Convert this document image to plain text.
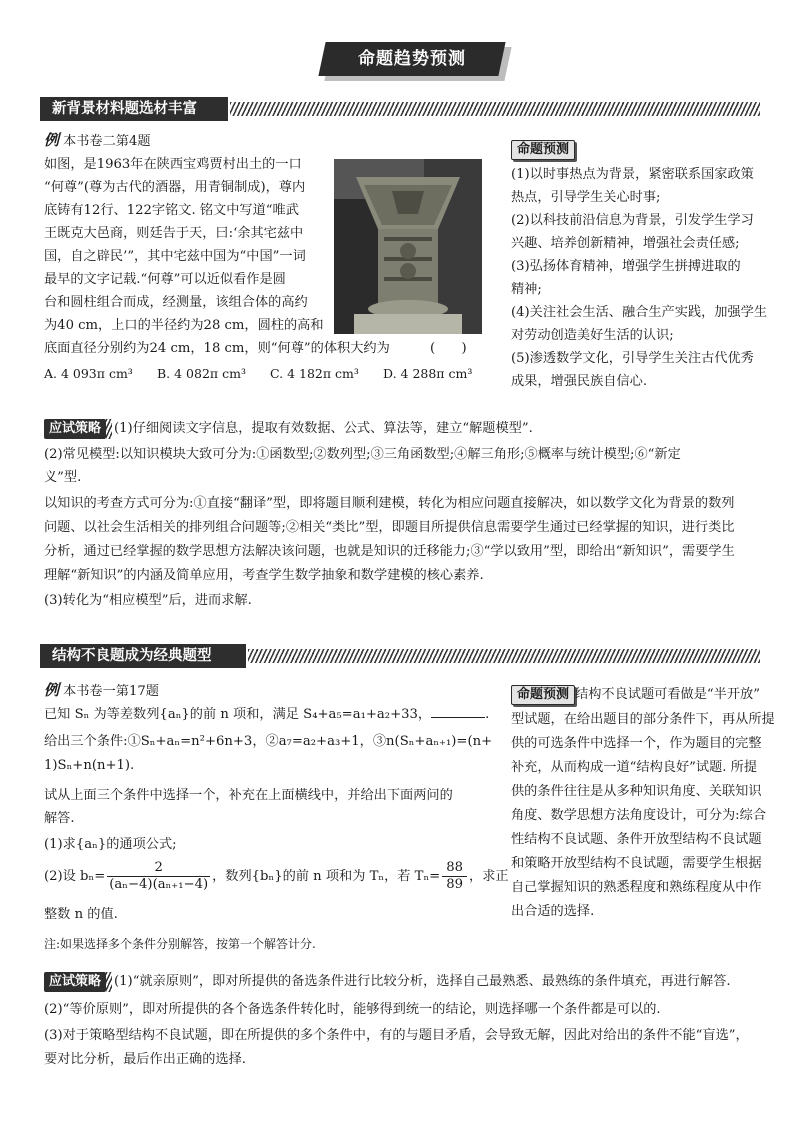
命题趋势预测
新背景材料题选材丰富
例 本书卷二第4题
如图，是1963年在陕西宝鸡贾村出土的一口
“何尊”(尊为古代的酒器，用青铜制成)，尊内
底铸有12行、122字铭文. 铭文中写道“唯武
王既克大邑商，则廷告于天，曰:‘余其宅兹中
国，自之辟民’”，其中宅兹中国为“中国”一词
最早的文字记载.“何尊”可以近似看作是圆
台和圆柱组合而成，经测量，该组合体的高约
为40 cm，上口的半径约为28 cm，圆柱的高和
底面直径分别约为24 cm，18 cm，则“何尊”的体积大约为	(　　)
A. 4 093π cm³ B. 4 082π cm³ C. 4 182π cm³ D. 4 288π cm³
命题预测
(1)以时事热点为背景，紧密联系国家政策
热点，引导学生关心时事;
(2)以科技前沿信息为背景，引发学生学习
兴趣、培养创新精神，增强社会责任感;
(3)弘扬体育精神，增强学生拼搏进取的
精神;
(4)关注社会生活、融合生产实践，加强学生
对劳动创造美好生活的认识;
(5)渗透数学文化，引导学生关注古代优秀
成果，增强民族自信心.
应试策略 (1)仔细阅读文字信息，提取有效数据、公式、算法等，建立“解题模型”.
(2)常见模型:以知识模块大致可分为:①函数型;②数列型;③三角函数型;④解三角形;⑤概率与统计模型;⑥“新定
义”型.
以知识的考查方式可分为:①直接“翻译”型，即将题目顺利建模，转化为相应问题直接解决，如以数学文化为背景的数列
问题、以社会生活相关的排列组合问题等;②相关“类比”型，即题目所提供信息需要学生通过已经掌握的知识，进行类比
分析，通过已经掌握的数学思想方法解决该问题，也就是知识的迁移能力;③“学以致用”型，即给出“新知识”，需要学生
理解“新知识”的内涵及简单应用，考查学生数学抽象和数学建模的核心素养.
(3)转化为“相应模型”后，进而求解.
结构不良题成为经典题型
例 本书卷一第17题
已知 Sₙ 为等差数列{aₙ}的前 n 项和，满足 S₄+a₅=a₁+a₂+33，	.
给出三个条件:①Sₙ+aₙ=n²+6n+3，②a₇=a₂+a₃+1，③n(Sₙ+aₙ₊₁)=(n+
1)Sₙ+n(n+1).
试从上面三个条件中选择一个，补充在上面横线中，并给出下面两问的
解答.
(1)求{aₙ}的通项公式;
(2)设 $b_n= \frac{2}{\text{(aₙ−4)(aₙ₊₁−4)}}$ ，数列{bₙ}的前 n 项和为 Tₙ，若 $T_n= \frac{88}{89}$ ，求正
整数 n 的值.
注:如果选择多个条件分别解答，按第一个解答计分.
命题预测 结构不良试题可看做是“半开放”
型试题，在给出题目的部分条件下，再从所提
供的可选条件中选择一个，作为题目的完整
补充，从而构成一道“结构良好”试题. 所提
供的条件往往是从多种知识角度、关联知识
角度、数学思想方法角度设计，可分为:综合
性结构不良试题、条件开放型结构不良试题
和策略开放型结构不良试题，需要学生根据
自己掌握知识的熟悉程度和熟练程度从中作
出合适的选择.
应试策略 (1)“就亲原则”，即对所提供的备选条件进行比较分析，选择自己最熟悉、最熟练的条件填充，再进行解答.
(2)“等价原则”，即对所提供的各个备选条件转化时，能够得到统一的结论，则选择哪一个条件都是可以的.
(3)对于策略型结构不良试题，即在所提供的多个条件中，有的与题目矛盾，会导致无解，因此对给出的条件不能“盲选”，
要对比分析，最后作出正确的选择.
